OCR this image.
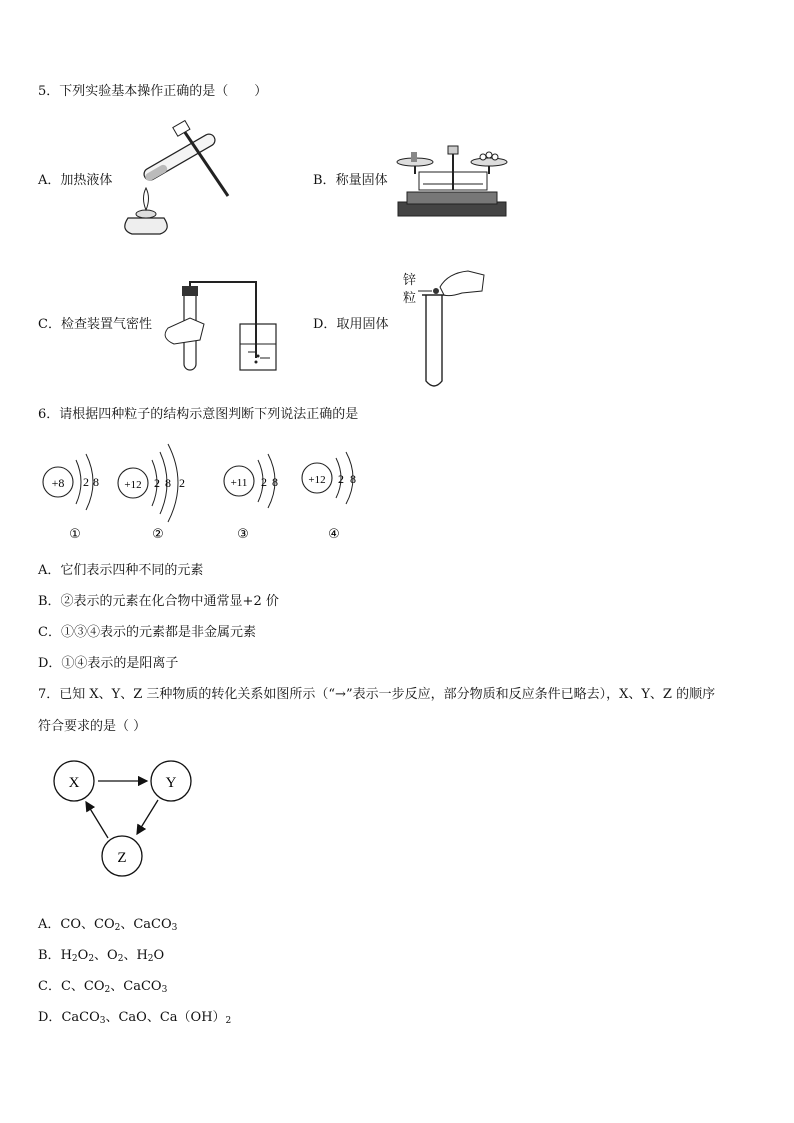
5．下列实验基本操作正确的是（　　）
A．加热液体	B．称量固体
C．检查装置气密性	D．取用固体
锌
粒
6．请根据四种粒子的结构示意图判断下列说法正确的是
+8 2 8 +12 2 8 2	+11 2 8	+12 2 8
①	②	③	④
A．它们表示四种不同的元素
B．②表示的元素在化合物中通常显+2 价
C．①③④表示的元素都是非金属元素
D．①④表示的是阳离子
7．已知 X、Y、Z 三种物质的转化关系如图所示（“→”表示一步反应，部分物质和反应条件已略去），X、Y、Z 的顺序
符合要求的是（ ）
X	Y
Z
A．CO、$CO_2$、CaCO$_3$
B．$H_2O_2$、$O_2$、$H_2O$
C．C、$CO_2$、CaCO$_3$
D．CaCO$_3$、CaO、$Ca(OH)_2$
